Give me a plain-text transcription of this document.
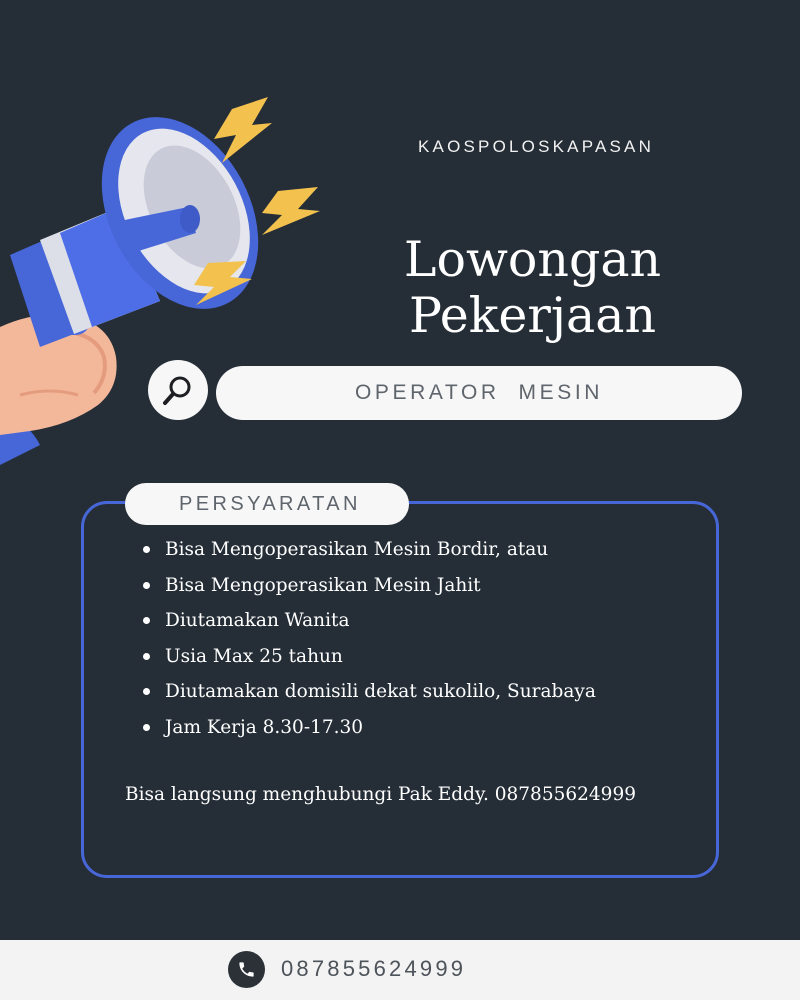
KAOSPOLOSKAPASAN
Lowongan
Pekerjaan
OPERATOR  MESIN
PERSYARATAN
Bisa Mengoperasikan Mesin Bordir, atau
Bisa Mengoperasikan Mesin Jahit
Diutamakan Wanita
Usia Max 25 tahun
Diutamakan domisili dekat sukolilo, Surabaya
Jam Kerja 8.30-17.30
Bisa langsung menghubungi Pak Eddy. 087855624999
087855624999
